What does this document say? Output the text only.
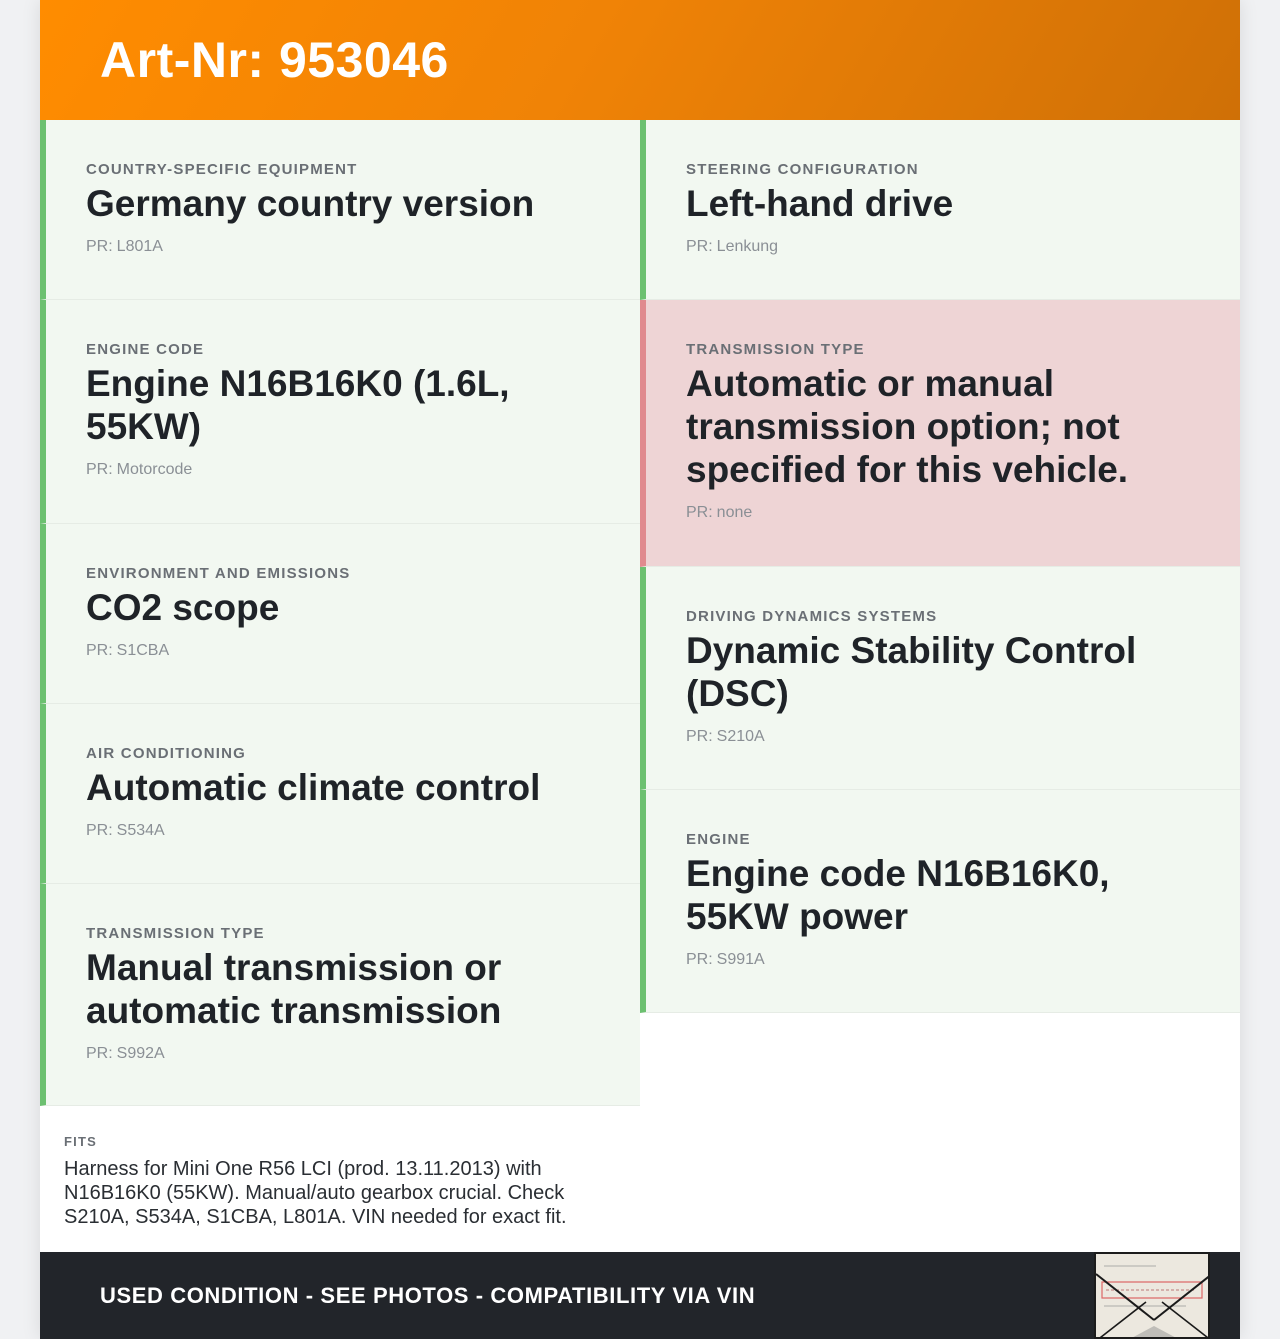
Art-Nr: 953046
COUNTRY-SPECIFIC EQUIPMENT
Germany country version
PR: L801A
ENGINE CODE
Engine N16B16K0 (1.6L, 55KW)
PR: Motorcode
ENVIRONMENT AND EMISSIONS
CO2 scope
PR: S1CBA
AIR CONDITIONING
Automatic climate control
PR: S534A
TRANSMISSION TYPE
Manual transmission or automatic transmission
PR: S992A
STEERING CONFIGURATION
Left-hand drive
PR: Lenkung
TRANSMISSION TYPE
Automatic or manual transmission option; not specified for this vehicle.
PR: none
DRIVING DYNAMICS SYSTEMS
Dynamic Stability Control (DSC)
PR: S210A
ENGINE
Engine code N16B16K0, 55KW power
PR: S991A
FITS
Harness for Mini One R56 LCI (prod. 13.11.2013) with N16B16K0 (55KW). Manual/auto gearbox crucial. Check S210A, S534A, S1CBA, L801A. VIN needed for exact fit.
USED CONDITION - SEE PHOTOS - COMPATIBILITY VIA VIN
